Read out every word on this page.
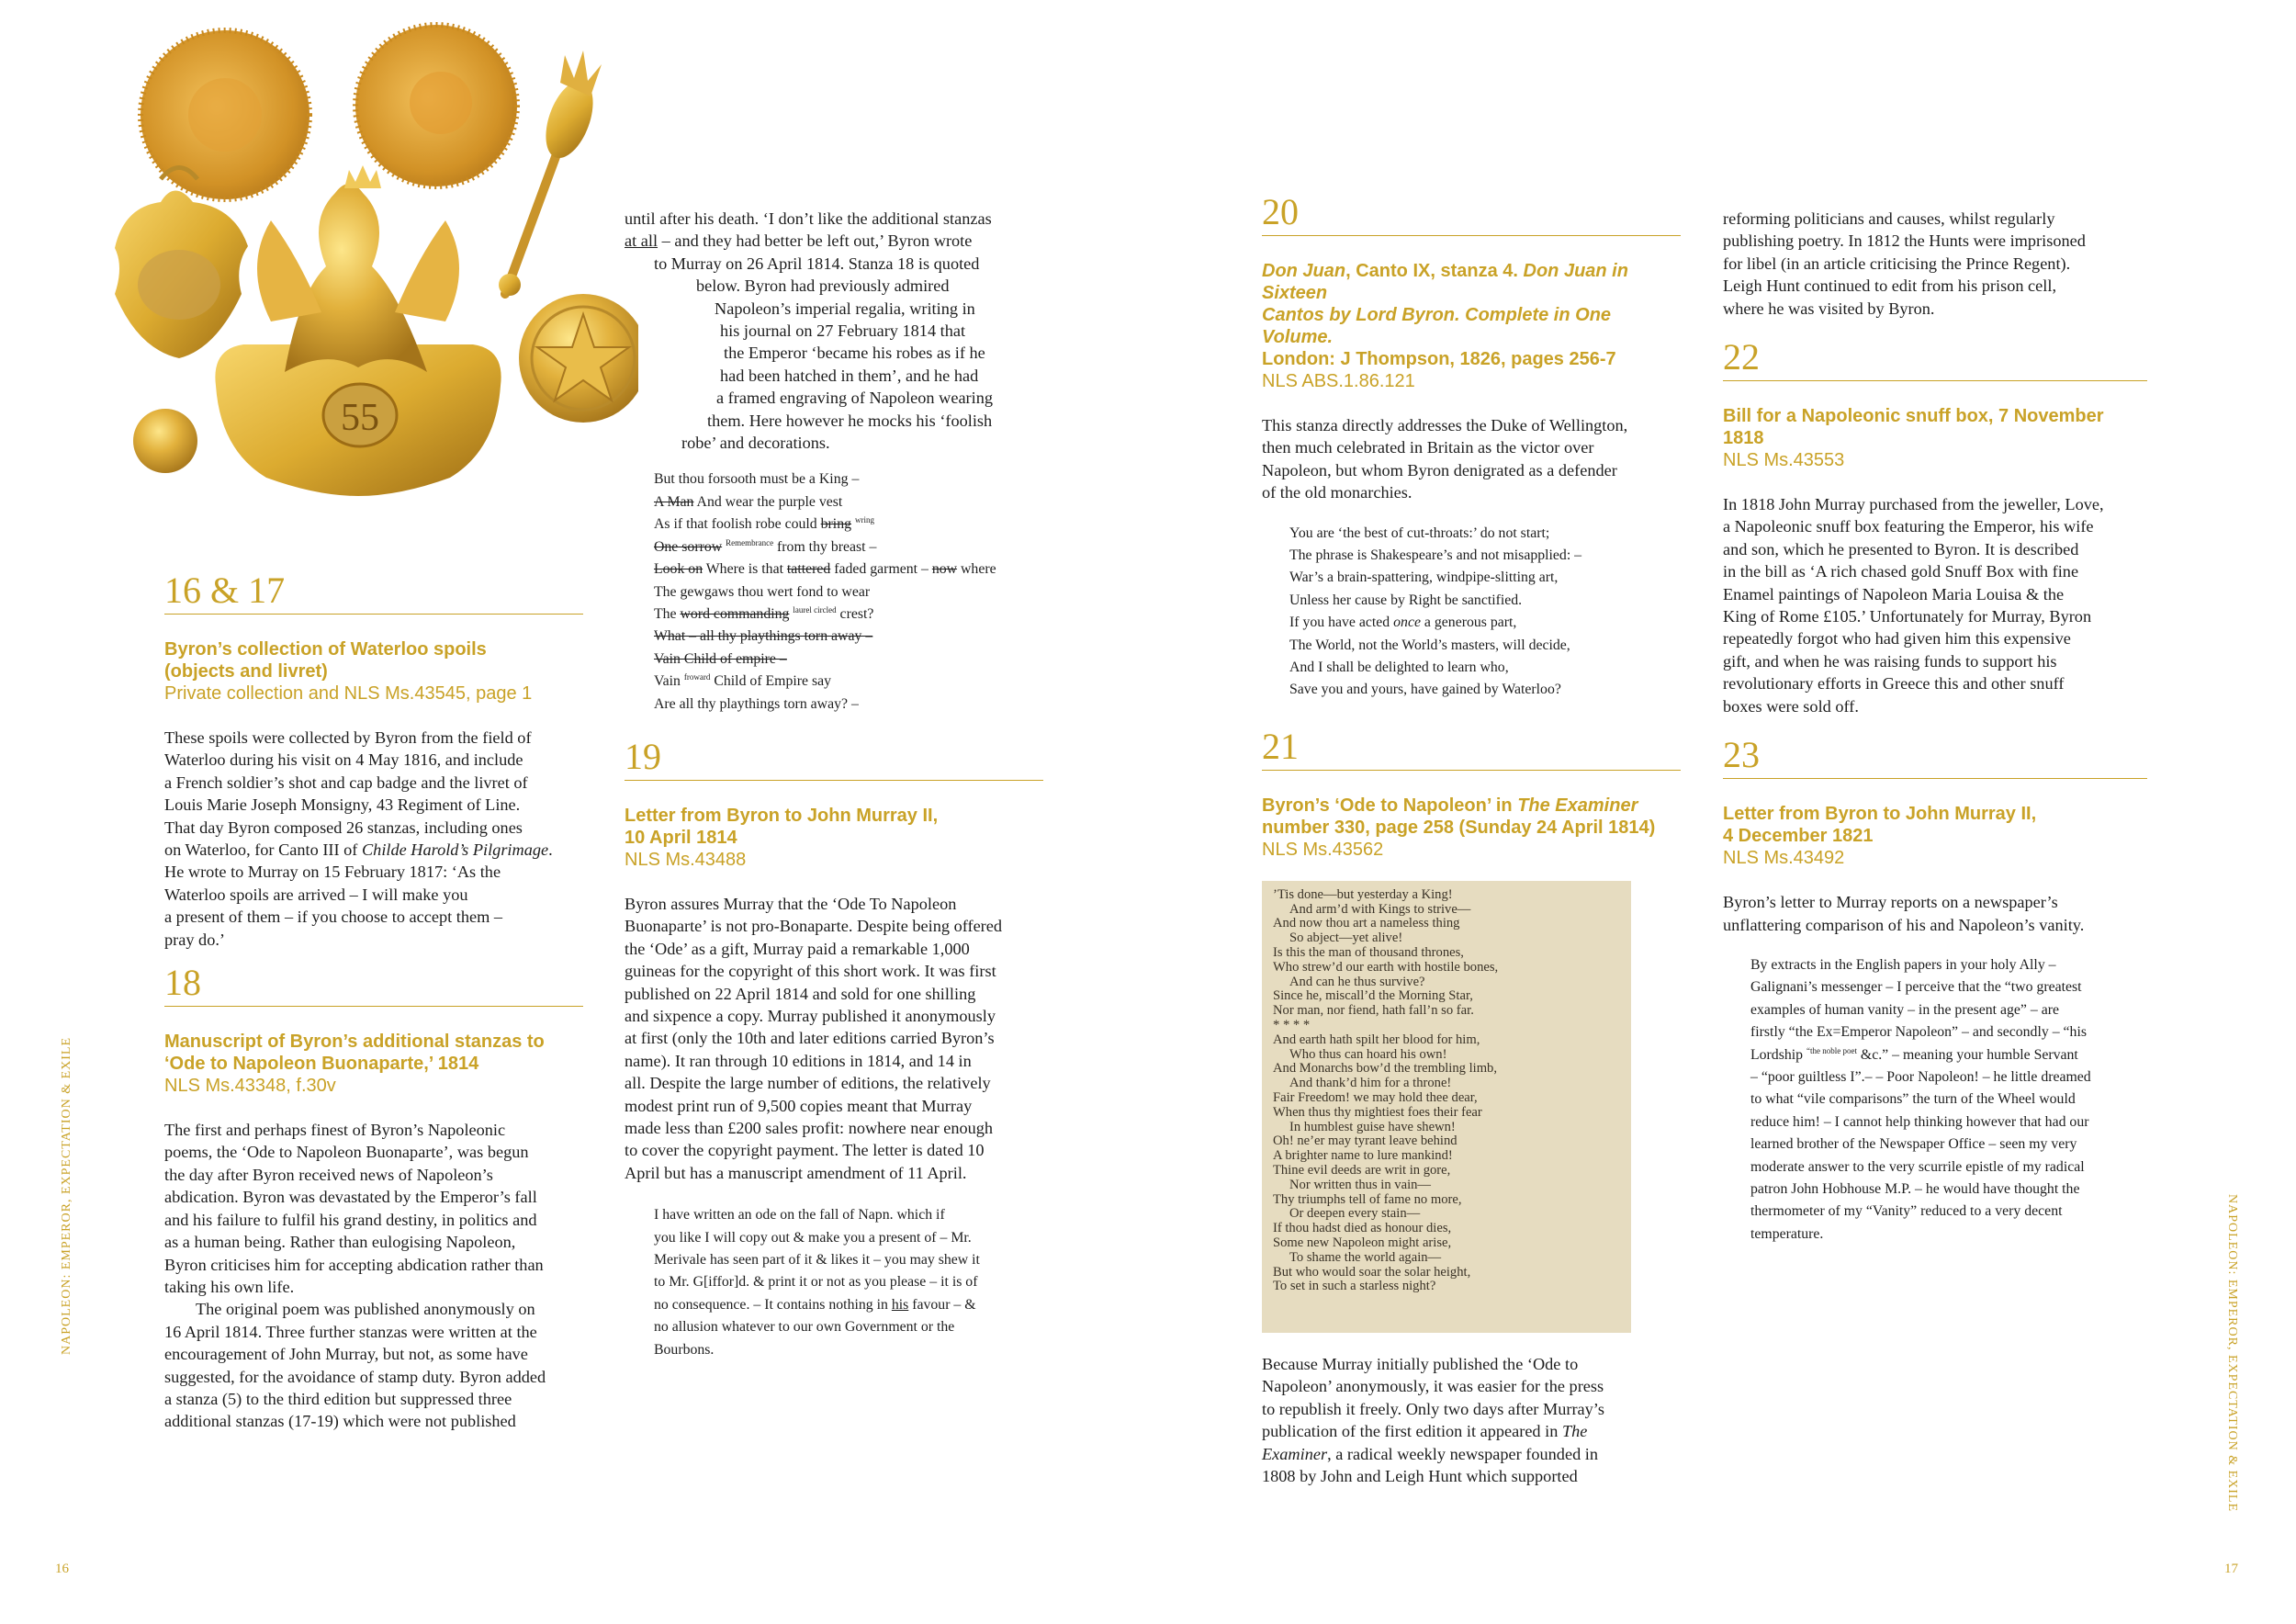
55
16 & 17
Byron’s collection of Waterloo spoils
(objects and livret)
Private collection and NLS Ms.43545, page 1
These spoils were collected by Byron from the field of
Waterloo during his visit on 4 May 1816, and include
a French soldier’s shot and cap badge and the livret of
Louis Marie Joseph Monsigny, 43 Regiment of Line.
That day Byron composed 26 stanzas, including ones
on Waterloo, for Canto III of Childe Harold’s Pilgrimage.
He wrote to Murray on 15 February 1817: ‘As the
Waterloo spoils are arrived – I will make you
a present of them – if you choose to accept them –
pray do.’
18
Manuscript of Byron’s additional stanzas to
‘Ode to Napoleon Buonaparte,’ 1814
NLS Ms.43348, f.30v
The first and perhaps finest of Byron’s Napoleonic
poems, the ‘Ode to Napoleon Buonaparte’, was begun
the day after Byron received news of Napoleon’s
abdication. Byron was devastated by the Emperor’s fall
and his failure to fulfil his grand destiny, in politics and
as a human being. Rather than eulogising Napoleon,
Byron criticises him for accepting abdication rather than
taking his own life.
The original poem was published anonymously on
16 April 1814. Three further stanzas were written at the
encouragement of John Murray, but not, as some have
suggested, for the avoidance of stamp duty. Byron added
a stanza (5) to the third edition but suppressed three
additional stanzas (17-19) which were not published
until after his death. ‘I don’t like the additional stanzas
at all – and they had better be left out,’ Byron wrote
to Murray on 26 April 1814. Stanza 18 is quoted
below. Byron had previously admired
Napoleon’s imperial regalia, writing in
his journal on 27 February 1814 that
the Emperor ‘became his robes as if he
had been hatched in them’, and he had
a framed engraving of Napoleon wearing
them. Here however he mocks his ‘foolish
robe’ and decorations.
But thou forsooth must be a King –
A Man And wear the purple vest
As if that foolish robe could bring $^{wring}$
One sorrow $^{Remembrance}$ from thy breast –
Look on Where is that tattered faded garment – now where
The gewgaws thou wert fond to wear
The word commanding $^{laurel circled}$ crest?
What – all thy playthings torn away –
Vain Child of empire –
Vain $^{froward}$ Child of Empire say
Are all thy playthings torn away? –
19
Letter from Byron to John Murray II,
10 April 1814
NLS Ms.43488
Byron assures Murray that the ‘Ode To Napoleon
Buonaparte’ is not pro-Bonaparte. Despite being offered
the ‘Ode’ as a gift, Murray paid a remarkable 1,000
guineas for the copyright of this short work. It was first
published on 22 April 1814 and sold for one shilling
and sixpence a copy. Murray published it anonymously
at first (only the 10th and later editions carried Byron’s
name). It ran through 10 editions in 1814, and 14 in
all. Despite the large number of editions, the relatively
modest print run of 9,500 copies meant that Murray
made less than £200 sales profit: nowhere near enough
to cover the copyright payment. The letter is dated 10
April but has a manuscript amendment of 11 April.
I have written an ode on the fall of Napn. which if
you like I will copy out & make you a present of – Mr.
Merivale has seen part of it & likes it – you may shew it
to Mr. G[iffor]d. & print it or not as you please – it is of
no consequence. – It contains nothing in his favour – &
no allusion whatever to our own Government or the
Bourbons.
20
Don Juan, Canto IX, stanza 4. Don Juan in Sixteen
Cantos by Lord Byron. Complete in One Volume.
London: J Thompson, 1826, pages 256-7
NLS ABS.1.86.121
This stanza directly addresses the Duke of Wellington,
then much celebrated in Britain as the victor over
Napoleon, but whom Byron denigrated as a defender
of the old monarchies.
You are ‘the best of cut-throats:’ do not start;
The phrase is Shakespeare’s and not misapplied: –
War’s a brain-spattering, windpipe-slitting art,
Unless her cause by Right be sanctified.
If you have acted once a generous part,
The World, not the World’s masters, will decide,
And I shall be delighted to learn who,
Save you and yours, have gained by Waterloo?
21
Byron’s ‘Ode to Napoleon’ in The Examiner
number 330, page 258 (Sunday 24 April 1814)
NLS Ms.43562
’Tis done—but yesterday a King!
And arm’d with Kings to strive—
And now thou art a nameless thing
So abject—yet alive!
Is this the man of thousand thrones,
Who strew’d our earth with hostile bones,
And can he thus survive?
Since he, miscall’d the Morning Star,
Nor man, nor fiend, hath fall’n so far.
* * * *
And earth hath spilt her blood for him,
Who thus can hoard his own!
And Monarchs bow’d the trembling limb,
And thank’d him for a throne!
Fair Freedom! we may hold thee dear,
When thus thy mightiest foes their fear
In humblest guise have shewn!
Oh! ne’er may tyrant leave behind
A brighter name to lure mankind!
Thine evil deeds are writ in gore,
Nor written thus in vain—
Thy triumphs tell of fame no more,
Or deepen every stain—
If thou hadst died as honour dies,
Some new Napoleon might arise,
To shame the world again—
But who would soar the solar height,
To set in such a starless night?
Because Murray initially published the ‘Ode to
Napoleon’ anonymously, it was easier for the press
to republish it freely. Only two days after Murray’s
publication of the first edition it appeared in The
Examiner, a radical weekly newspaper founded in
1808 by John and Leigh Hunt which supported
reforming politicians and causes, whilst regularly
publishing poetry. In 1812 the Hunts were imprisoned
for libel (in an article criticising the Prince Regent).
Leigh Hunt continued to edit from his prison cell,
where he was visited by Byron.
22
Bill for a Napoleonic snuff box, 7 November 1818
NLS Ms.43553
In 1818 John Murray purchased from the jeweller, Love,
a Napoleonic snuff box featuring the Emperor, his wife
and son, which he presented to Byron. It is described
in the bill as ‘A rich chased gold Snuff Box with fine
Enamel paintings of Napoleon Maria Louisa & the
King of Rome £105.’ Unfortunately for Murray, Byron
repeatedly forgot who had given him this expensive
gift, and when he was raising funds to support his
revolutionary efforts in Greece this and other snuff
boxes were sold off.
23
Letter from Byron to John Murray II,
4 December 1821
NLS Ms.43492
Byron’s letter to Murray reports on a newspaper’s
unflattering comparison of his and Napoleon’s vanity.
By extracts in the English papers in your holy Ally –
Galignani’s messenger – I perceive that the “two greatest
examples of human vanity – in the present age” – are
firstly “the Ex=Emperor Napoleon” – and secondly – “his
Lordship $^{“the noble poet}$ &c.” – meaning your humble Servant
– “poor guiltless I”.– – Poor Napoleon! – he little dreamed
to what “vile comparisons” the turn of the Wheel would
reduce him! – I cannot help thinking however that had our
learned brother of the Newspaper Office – seen my very
moderate answer to the very scurrile epistle of my radical
patron John Hobhouse M.P. – he would have thought the
thermometer of my “Vanity” reduced to a very decent
temperature.
NAPOLEON: EMPEROR, EXPECTATION & EXILE	NAPOLEON: EMPEROR, EXPECTATION & EXILE
16	17
